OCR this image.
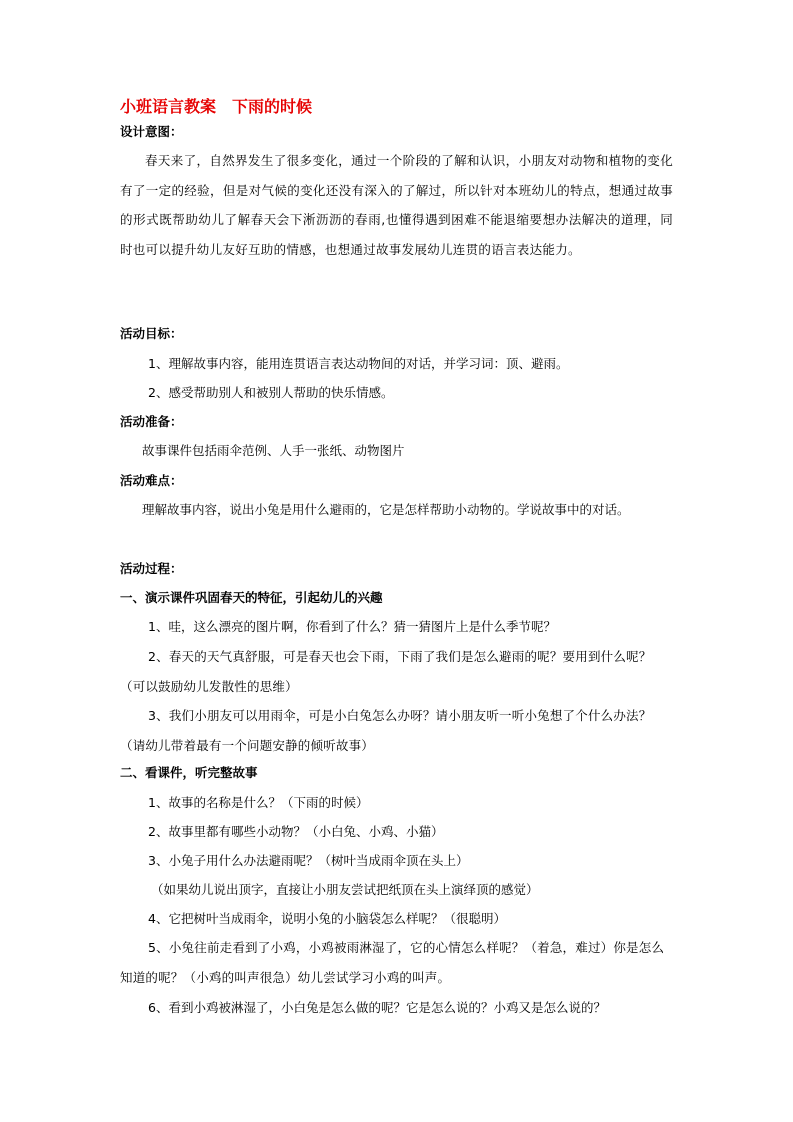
小班语言教案　下雨的时候
设计意图：
春天来了，自然界发生了很多变化，通过一个阶段的了解和认识，小朋友对动物和植物的变化有了一定的经验，但是对气候的变化还没有深入的了解过，所以针对本班幼儿的特点，想通过故事的形式既帮助幼儿了解春天会下淅沥沥的春雨,也懂得遇到困难不能退缩要想办法解决的道理，同时也可以提升幼儿友好互助的情感，也想通过故事发展幼儿连贯的语言表达能力。
活动目标：
1、理解故事内容，能用连贯语言表达动物间的对话，并学习词：顶、避雨。
2、感受帮助别人和被别人帮助的快乐情感。
活动准备：
故事课件包括雨伞范例、人手一张纸、动物图片
活动难点：
理解故事内容，说出小兔是用什么避雨的，它是怎样帮助小动物的。学说故事中的对话。
活动过程：
一、演示课件巩固春天的特征，引起幼儿的兴趣
1、哇，这么漂亮的图片啊，你看到了什么？猜一猜图片上是什么季节呢？
2、春天的天气真舒服，可是春天也会下雨，下雨了我们是怎么避雨的呢？要用到什么呢？（可以鼓励幼儿发散性的思维）
3、我们小朋友可以用雨伞，可是小白兔怎么办呀？请小朋友听一听小兔想了个什么办法？（请幼儿带着最有一个问题安静的倾听故事）
二、看课件，听完整故事
1、故事的名称是什么？（下雨的时候）
2、故事里都有哪些小动物？（小白兔、小鸡、小猫）
3、小兔子用什么办法避雨呢？（树叶当成雨伞顶在头上）
（如果幼儿说出顶字，直接让小朋友尝试把纸顶在头上演绎顶的感觉）
4、它把树叶当成雨伞，说明小兔的小脑袋怎么样呢？（很聪明）
5、小兔往前走看到了小鸡，小鸡被雨淋湿了，它的心情怎么样呢？（着急，难过）你是怎么知道的呢？（小鸡的叫声很急）幼儿尝试学习小鸡的叫声。
6、看到小鸡被淋湿了，小白兔是怎么做的呢？它是怎么说的？小鸡又是怎么说的？
